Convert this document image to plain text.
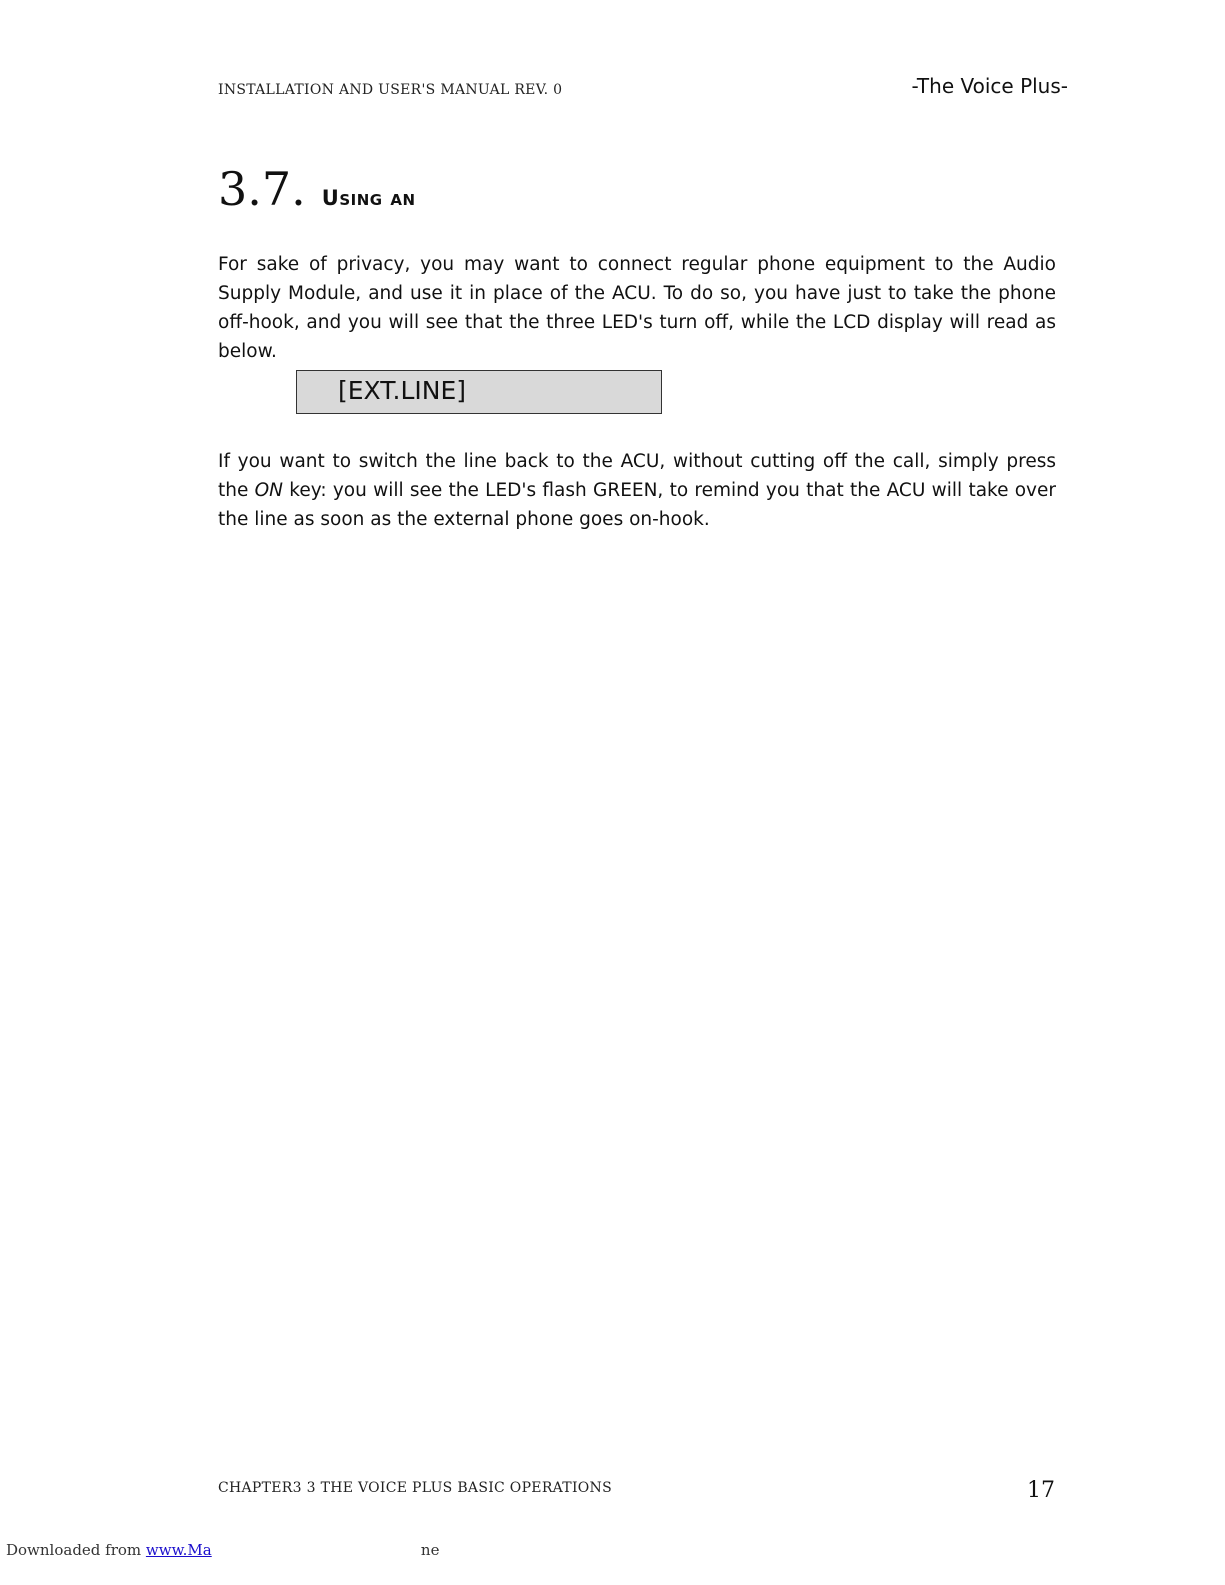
INSTALLATION AND USER'S MANUAL REV. 0	-The Voice Plus-
3.7. Using an

For sake of privacy, you may want to connect regular phone equipment to the Audio Supply Module, and use it in place of the ACU. To do so, you have just to take the phone off-hook, and you will see that the three LED's turn off, while the LCD display will read as below.

[EXT.LINE]

If you want to switch the line back to the ACU, without cutting off the call, simply press the ON key: you will see the LED's flash GREEN, to remind you that the ACU will take over the line as soon as the external phone goes on-hook.

CHAPTER3 3 THE VOICE PLUS BASIC OPERATIONS	17
Downloaded from www.Ma	ne
